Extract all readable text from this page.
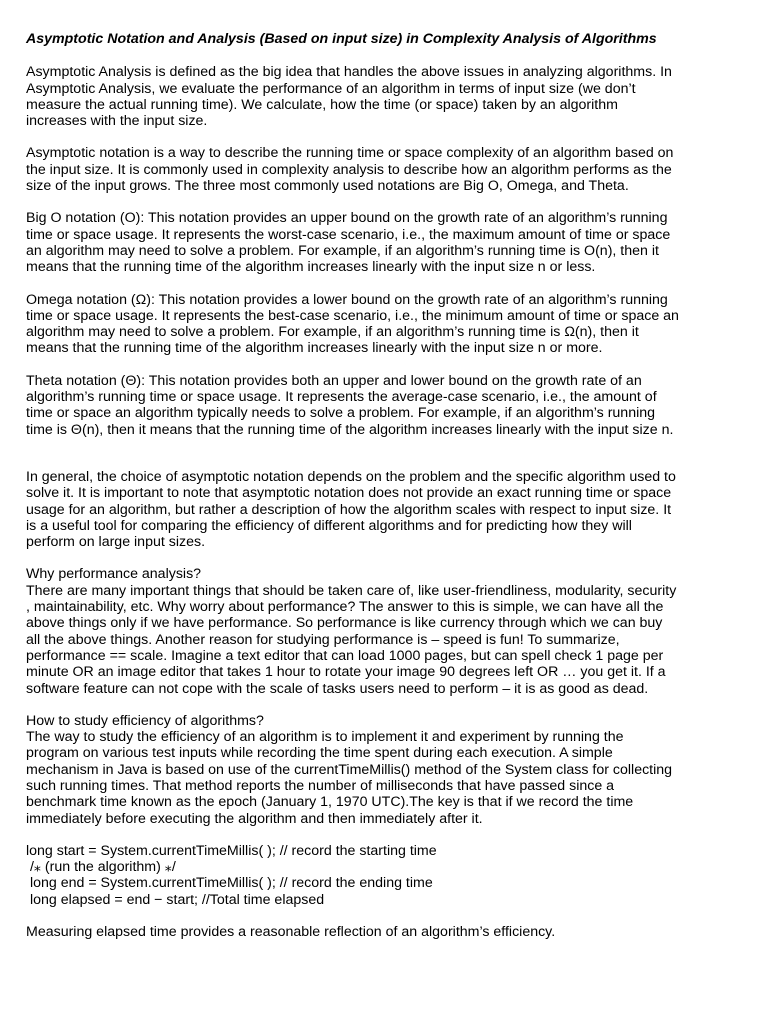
Asymptotic Notation and Analysis (Based on input size) in Complexity Analysis of Algorithms

Asymptotic Analysis is defined as the big idea that handles the above issues in analyzing algorithms. In
Asymptotic Analysis, we evaluate the performance of an algorithm in terms of input size (we don’t
measure the actual running time). We calculate, how the time (or space) taken by an algorithm
increases with the input size.

Asymptotic notation is a way to describe the running time or space complexity of an algorithm based on
the input size. It is commonly used in complexity analysis to describe how an algorithm performs as the
size of the input grows. The three most commonly used notations are Big O, Omega, and Theta.

Big O notation (O): This notation provides an upper bound on the growth rate of an algorithm’s running
time or space usage. It represents the worst-case scenario, i.e., the maximum amount of time or space
an algorithm may need to solve a problem. For example, if an algorithm’s running time is O(n), then it
means that the running time of the algorithm increases linearly with the input size n or less.

Omega notation (Ω): This notation provides a lower bound on the growth rate of an algorithm’s running
time or space usage. It represents the best-case scenario, i.e., the minimum amount of time or space an
algorithm may need to solve a problem. For example, if an algorithm’s running time is Ω(n), then it
means that the running time of the algorithm increases linearly with the input size n or more.

Theta notation (Θ): This notation provides both an upper and lower bound on the growth rate of an
algorithm’s running time or space usage. It represents the average-case scenario, i.e., the amount of
time or space an algorithm typically needs to solve a problem. For example, if an algorithm’s running
time is Θ(n), then it means that the running time of the algorithm increases linearly with the input size n.

In general, the choice of asymptotic notation depends on the problem and the specific algorithm used to
solve it. It is important to note that asymptotic notation does not provide an exact running time or space
usage for an algorithm, but rather a description of how the algorithm scales with respect to input size. It
is a useful tool for comparing the efficiency of different algorithms and for predicting how they will
perform on large input sizes.

Why performance analysis?

There are many important things that should be taken care of, like user-friendliness, modularity, security
, maintainability, etc. Why worry about performance? The answer to this is simple, we can have all the
above things only if we have performance. So performance is like currency through which we can buy
all the above things. Another reason for studying performance is – speed is fun! To summarize,
performance == scale. Imagine a text editor that can load 1000 pages, but can spell check 1 page per
minute OR an image editor that takes 1 hour to rotate your image 90 degrees left OR … you get it. If a
software feature can not cope with the scale of tasks users need to perform – it is as good as dead.

How to study efficiency of algorithms?

The way to study the efficiency of an algorithm is to implement it and experiment by running the
program on various test inputs while recording the time spent during each execution. A simple
mechanism in Java is based on use of the currentTimeMillis() method of the System class for collecting
such running times. That method reports the number of milliseconds that have passed since a
benchmark time known as the epoch (January 1, 1970 UTC).The key is that if we record the time
immediately before executing the algorithm and then immediately after it.

long start = System.currentTimeMillis( ); // record the starting time

/⁎ (run the algorithm) ⁎/

long end = System.currentTimeMillis( ); // record the ending time

long elapsed = end − start; //Total time elapsed

Measuring elapsed time provides a reasonable reflection of an algorithm’s efficiency.
